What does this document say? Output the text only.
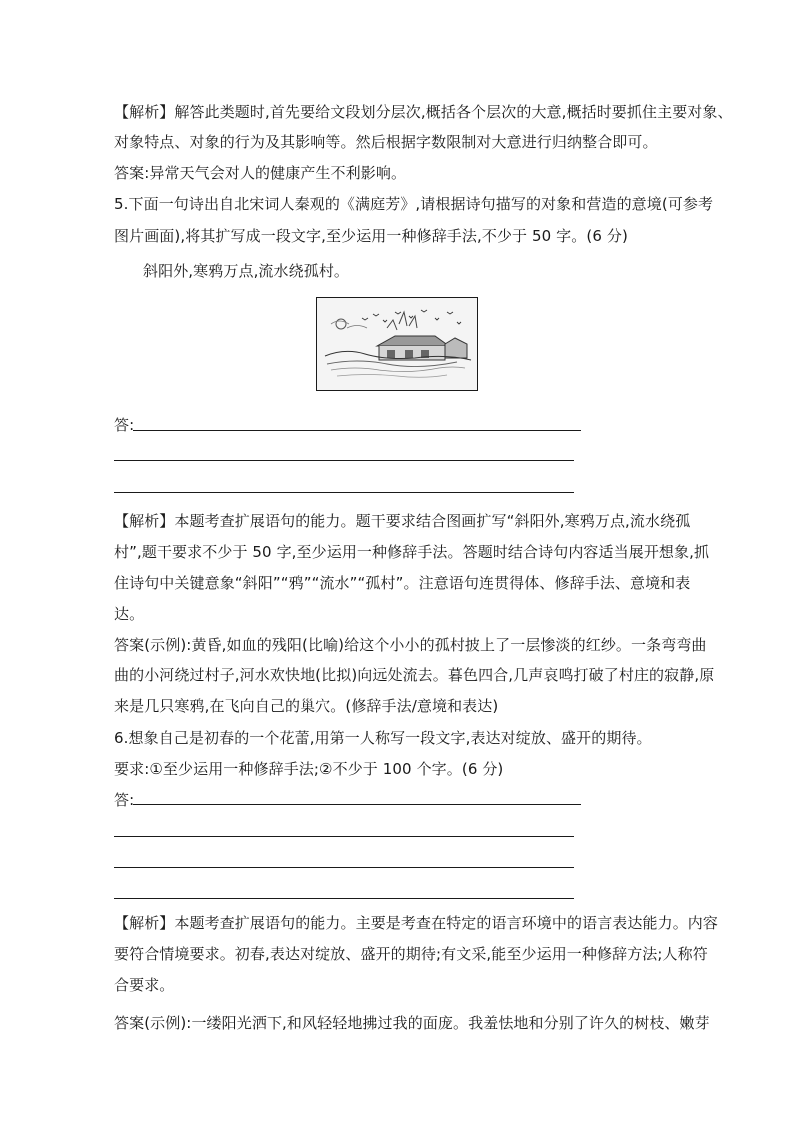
【解析】解答此类题时,首先要给文段划分层次,概括各个层次的大意,概括时要抓住主要对象、
对象特点、对象的行为及其影响等。然后根据字数限制对大意进行归纳整合即可。
答案:异常天气会对人的健康产生不利影响。
5.下面一句诗出自北宋词人秦观的《满庭芳》,请根据诗句描写的对象和营造的意境(可参考
图片画面),将其扩写成一段文字,至少运用一种修辞手法,不少于 50 字。(6 分)
斜阳外,寒鸦万点,流水绕孤村。
答:
【解析】本题考查扩展语句的能力。题干要求结合图画扩写“斜阳外,寒鸦万点,流水绕孤
村”,题干要求不少于 50 字,至少运用一种修辞手法。答题时结合诗句内容适当展开想象,抓
住诗句中关键意象“斜阳”“鸦”“流水”“孤村”。注意语句连贯得体、修辞手法、意境和表
达。
答案(示例):黄昏,如血的残阳(比喻)给这个小小的孤村披上了一层惨淡的红纱。一条弯弯曲
曲的小河绕过村子,河水欢快地(比拟)向远处流去。暮色四合,几声哀鸣打破了村庄的寂静,原
来是几只寒鸦,在飞向自己的巢穴。(修辞手法/意境和表达)
6.想象自己是初春的一个花蕾,用第一人称写一段文字,表达对绽放、盛开的期待。
要求:①至少运用一种修辞手法;②不少于 100 个字。(6 分)
答:
【解析】本题考查扩展语句的能力。主要是考查在特定的语言环境中的语言表达能力。内容
要符合情境要求。初春,表达对绽放、盛开的期待;有文采,能至少运用一种修辞方法;人称符
合要求。
答案(示例):一缕阳光洒下,和风轻轻地拂过我的面庞。我羞怯地和分别了许久的树枝、嫩芽
